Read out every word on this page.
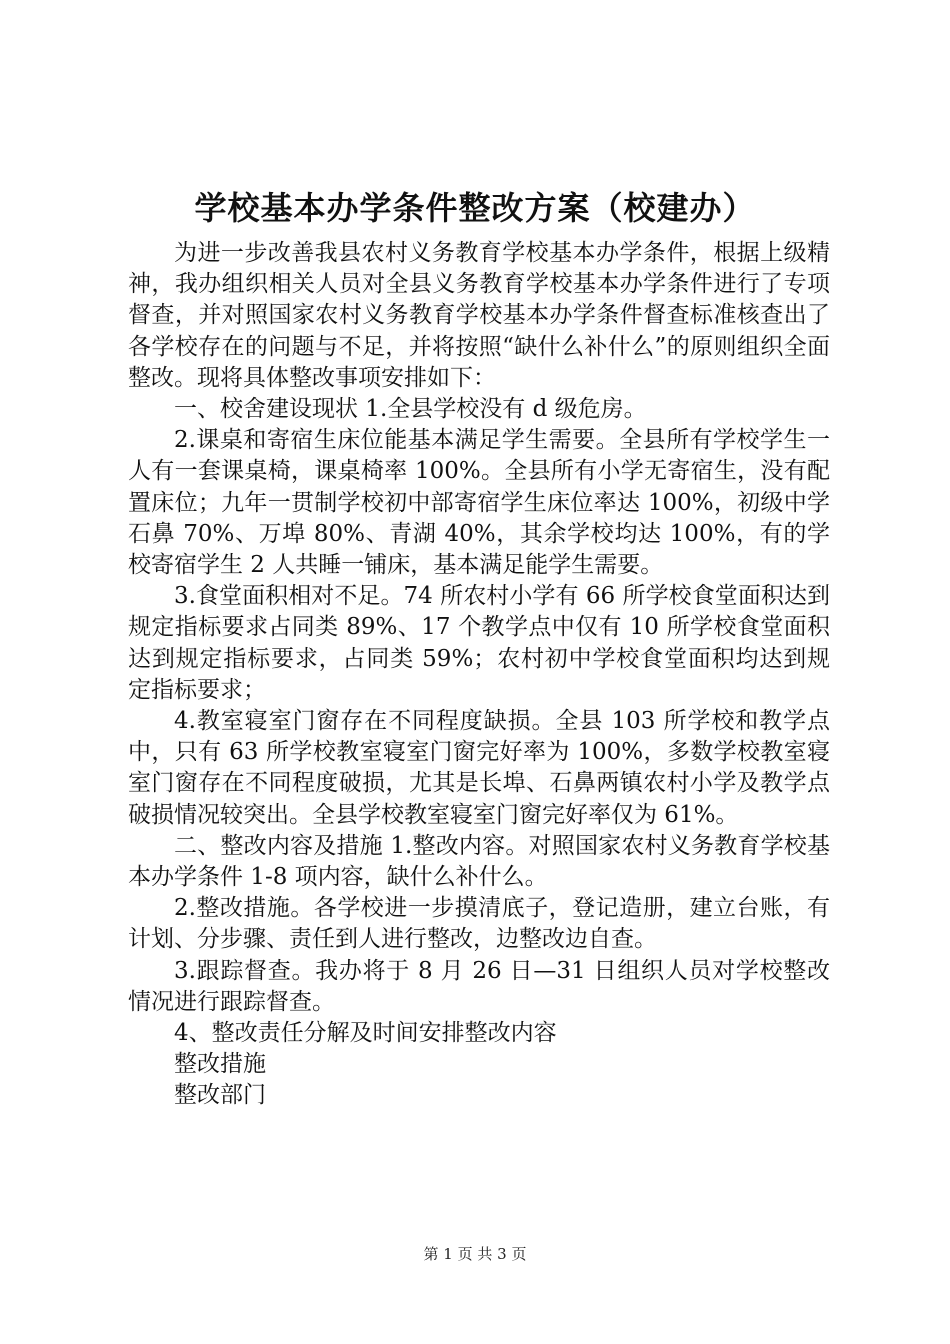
学校基本办学条件整改方案（校建办）

为进一步改善我县农村义务教育学校基本办学条件，根据上级精神，我办组织相关人员对全县义务教育学校基本办学条件进行了专项督查，并对照国家农村义务教育学校基本办学条件督查标准核查出了各学校存在的问题与不足，并将按照“缺什么补什么”的原则组织全面整改。现将具体整改事项安排如下：

一、校舍建设现状 1.全县学校没有 d 级危房。

2.课桌和寄宿生床位能基本满足学生需要。全县所有学校学生一人有一套课桌椅，课桌椅率 100%。全县所有小学无寄宿生，没有配置床位；九年一贯制学校初中部寄宿学生床位率达 100%，初级中学石鼻 70%、万埠 80%、青湖 40%，其余学校均达 100%，有的学校寄宿学生 2 人共睡一铺床，基本满足能学生需要。

3.食堂面积相对不足。74 所农村小学有 66 所学校食堂面积达到规定指标要求占同类 89%、17 个教学点中仅有 10 所学校食堂面积达到规定指标要求，占同类 59%；农村初中学校食堂面积均达到规定指标要求；

4.教室寝室门窗存在不同程度缺损。全县 103 所学校和教学点中，只有 63 所学校教室寝室门窗完好率为 100%，多数学校教室寝室门窗存在不同程度破损，尤其是长埠、石鼻两镇农村小学及教学点破损情况较突出。全县学校教室寝室门窗完好率仅为 61%。

二、整改内容及措施 1.整改内容。对照国家农村义务教育学校基本办学条件 1-8 项内容，缺什么补什么。

2.整改措施。各学校进一步摸清底子，登记造册，建立台账，有计划、分步骤、责任到人进行整改，边整改边自查。

3.跟踪督查。我办将于 8 月 26 日—31 日组织人员对学校整改情况进行跟踪督查。

4、整改责任分解及时间安排整改内容

整改措施

整改部门

第 1 页 共 3 页
